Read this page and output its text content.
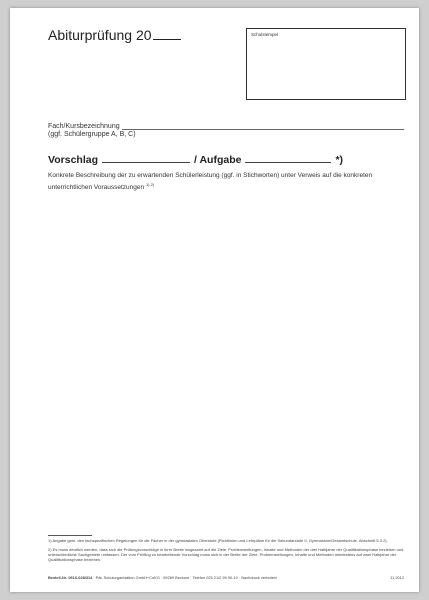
Abiturprüfung 20	Schulstempel
Fach/Kursbezeichnung
(ggf. Schülergruppe A, B, C)
Vorschlag	/ Aufgabe	*)
Konkrete Beschreibung der zu erwartenden Schülerleistung (ggf. in Stichworten) unter Verweis auf die konkreten unterrichtlichen Voraussetzungen $^{1) 2)}$
1) Angabe gem. den fachspezifischen Regelungen für die Fächer in der gymnasialen Oberstufe (Richtlinien und Lehrpläne für die Sekundarstufe II, Gymnasium/Gesamtschule, Abschnitt 5.3.2).
2) Es muss deutlich werden, dass sich die Prüfungsvorschläge in ihrer Breite insgesamt auf die Ziele, Problemstellungen, Inhalte und Methoden der drei Halbjahre der Qualifikationsphase beziehen und unterschiedliche Sachgebiete umfassen. Der vom Prüfling zu bearbeitende Vorschlag muss sich in der Breite der Ziele, Problemstellungen, Inhalte und Methoden mindestens auf zwei Halbjahre der Qualifikationsphase beziehen.
Bestell-Nr. 0616-028/314 · PäL Schulorganisation GmbH+CoKG · 59269 Beckum · Telefon 025 21/2 99 90-10 · Nachdruck verboten!	11.2012
